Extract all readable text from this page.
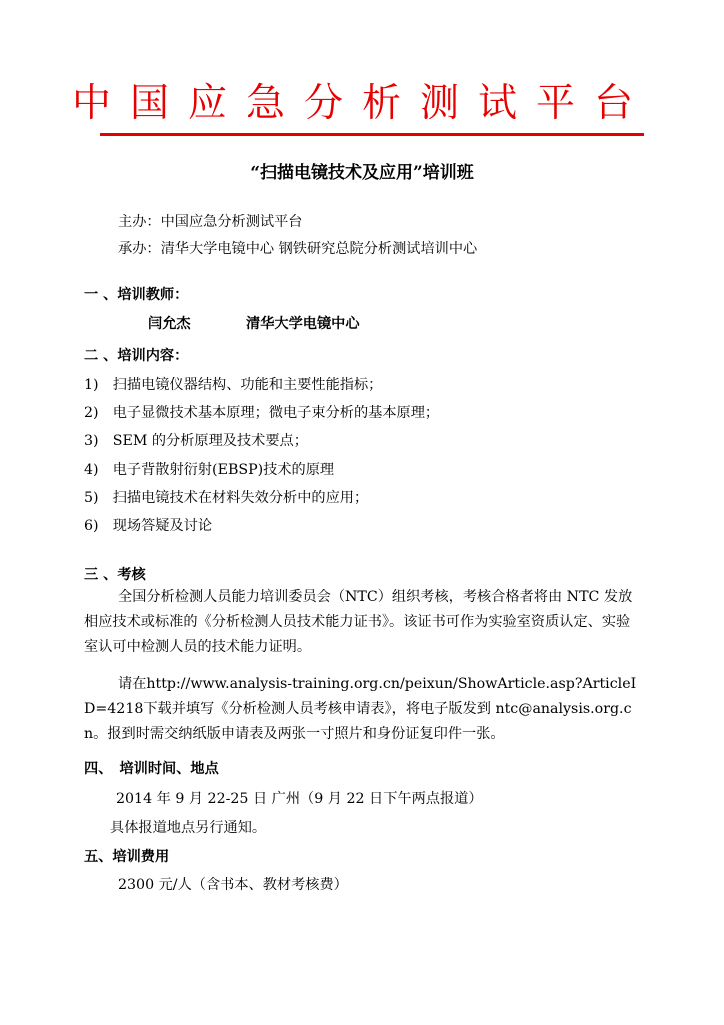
中国应急分析测试平台
“扫描电镜技术及应用”培训班
主办：中国应急分析测试平台
承办：清华大学电镜中心 钢铁研究总院分析测试培训中心
一 、培训教师：
闫允杰	清华大学电镜中心
二 、培训内容：
1)　扫描电镜仪器结构、功能和主要性能指标；
2)　电子显微技术基本原理；微电子束分析的基本原理；
3)　SEM 的分析原理及技术要点；
4)　电子背散射衍射(EBSP)技术的原理
5)　扫描电镜技术在材料失效分析中的应用；
6)　现场答疑及讨论
三 、考核
全国分析检测人员能力培训委员会（NTC）组织考核，考核合格者将由 NTC 发放相应技术或标准的《分析检测人员技术能力证书》。该证书可作为实验室资质认定、实验室认可中检测人员的技术能力证明。
请在http://www.analysis-training.org.cn/peixun/ShowArticle.asp?ArticleID=4218下载并填写《分析检测人员考核申请表》，将电子版发到 ntc@analysis.org.cn。报到时需交纳纸版申请表及两张一寸照片和身份证复印件一张。
四、　培训时间、地点
2014 年 9 月 22-25 日 广州（9 月 22 日下午两点报道）
具体报道地点另行通知。
五、培训费用
2300 元/人（含书本、教材考核费）
